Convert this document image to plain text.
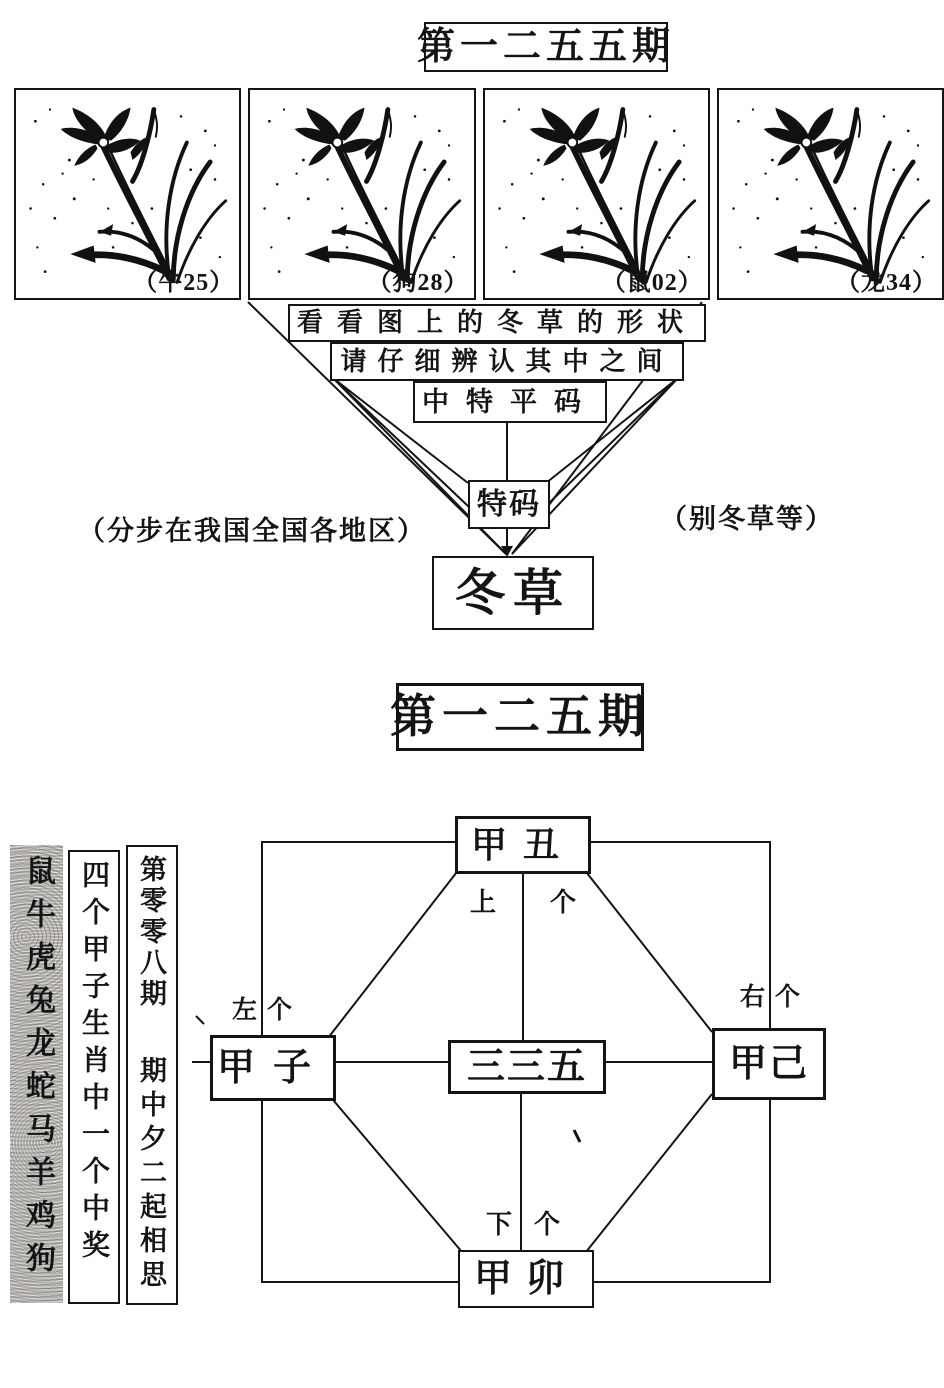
第一二五五期
（牛25）	（狗28）	（鼠02）	（龙34）
看看图上的冬草的形状
请仔细辨认其中之间
中特平码
特码
冬草
（分步在我国全国各地区）	（别冬草等）
第一二五期
鼠牛虎兔龙蛇马羊鸡狗 四个甲子生肖中一个中奖	第零零八期 期中夕二起相思
甲丑
甲子	三三五	甲己
甲卯
上 个
左 个	右 个
下 个
